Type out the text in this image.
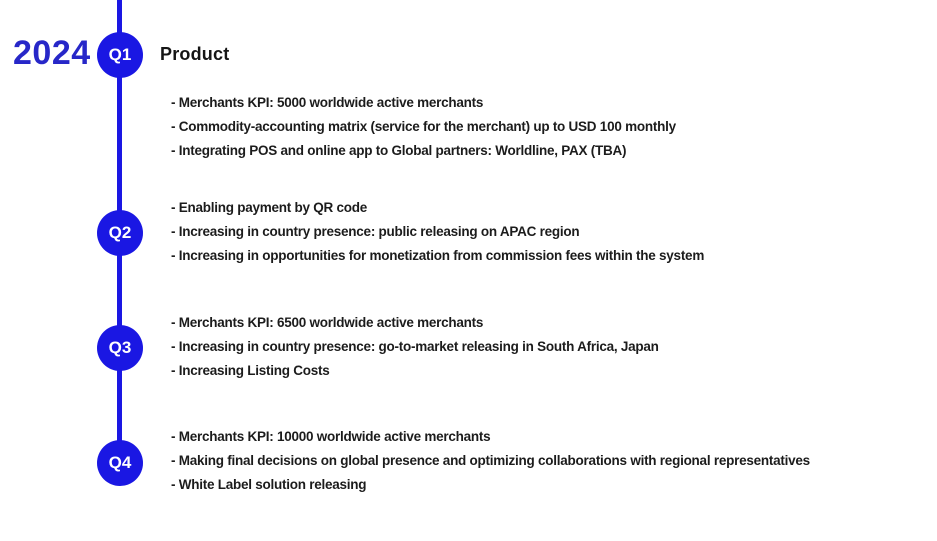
2024 Q1
Q2
Q3
Q4
Product
- Merchants KPI: 5000 worldwide active merchants
- Commodity-accounting matrix (service for the merchant) up to USD 100 monthly
- Integrating POS and online app to Global partners: Worldline, PAX (TBA)
- Enabling payment by QR code
- Increasing in country presence: public releasing on APAC region
- Increasing in opportunities for monetization from commission fees within the system
- Merchants KPI: 6500 worldwide active merchants
- Increasing in country presence: go-to-market releasing in South Africa, Japan
- Increasing Listing Costs
- Merchants KPI: 10000 worldwide active merchants
- Making final decisions on global presence and optimizing collaborations with regional representatives
- White Label solution releasing
